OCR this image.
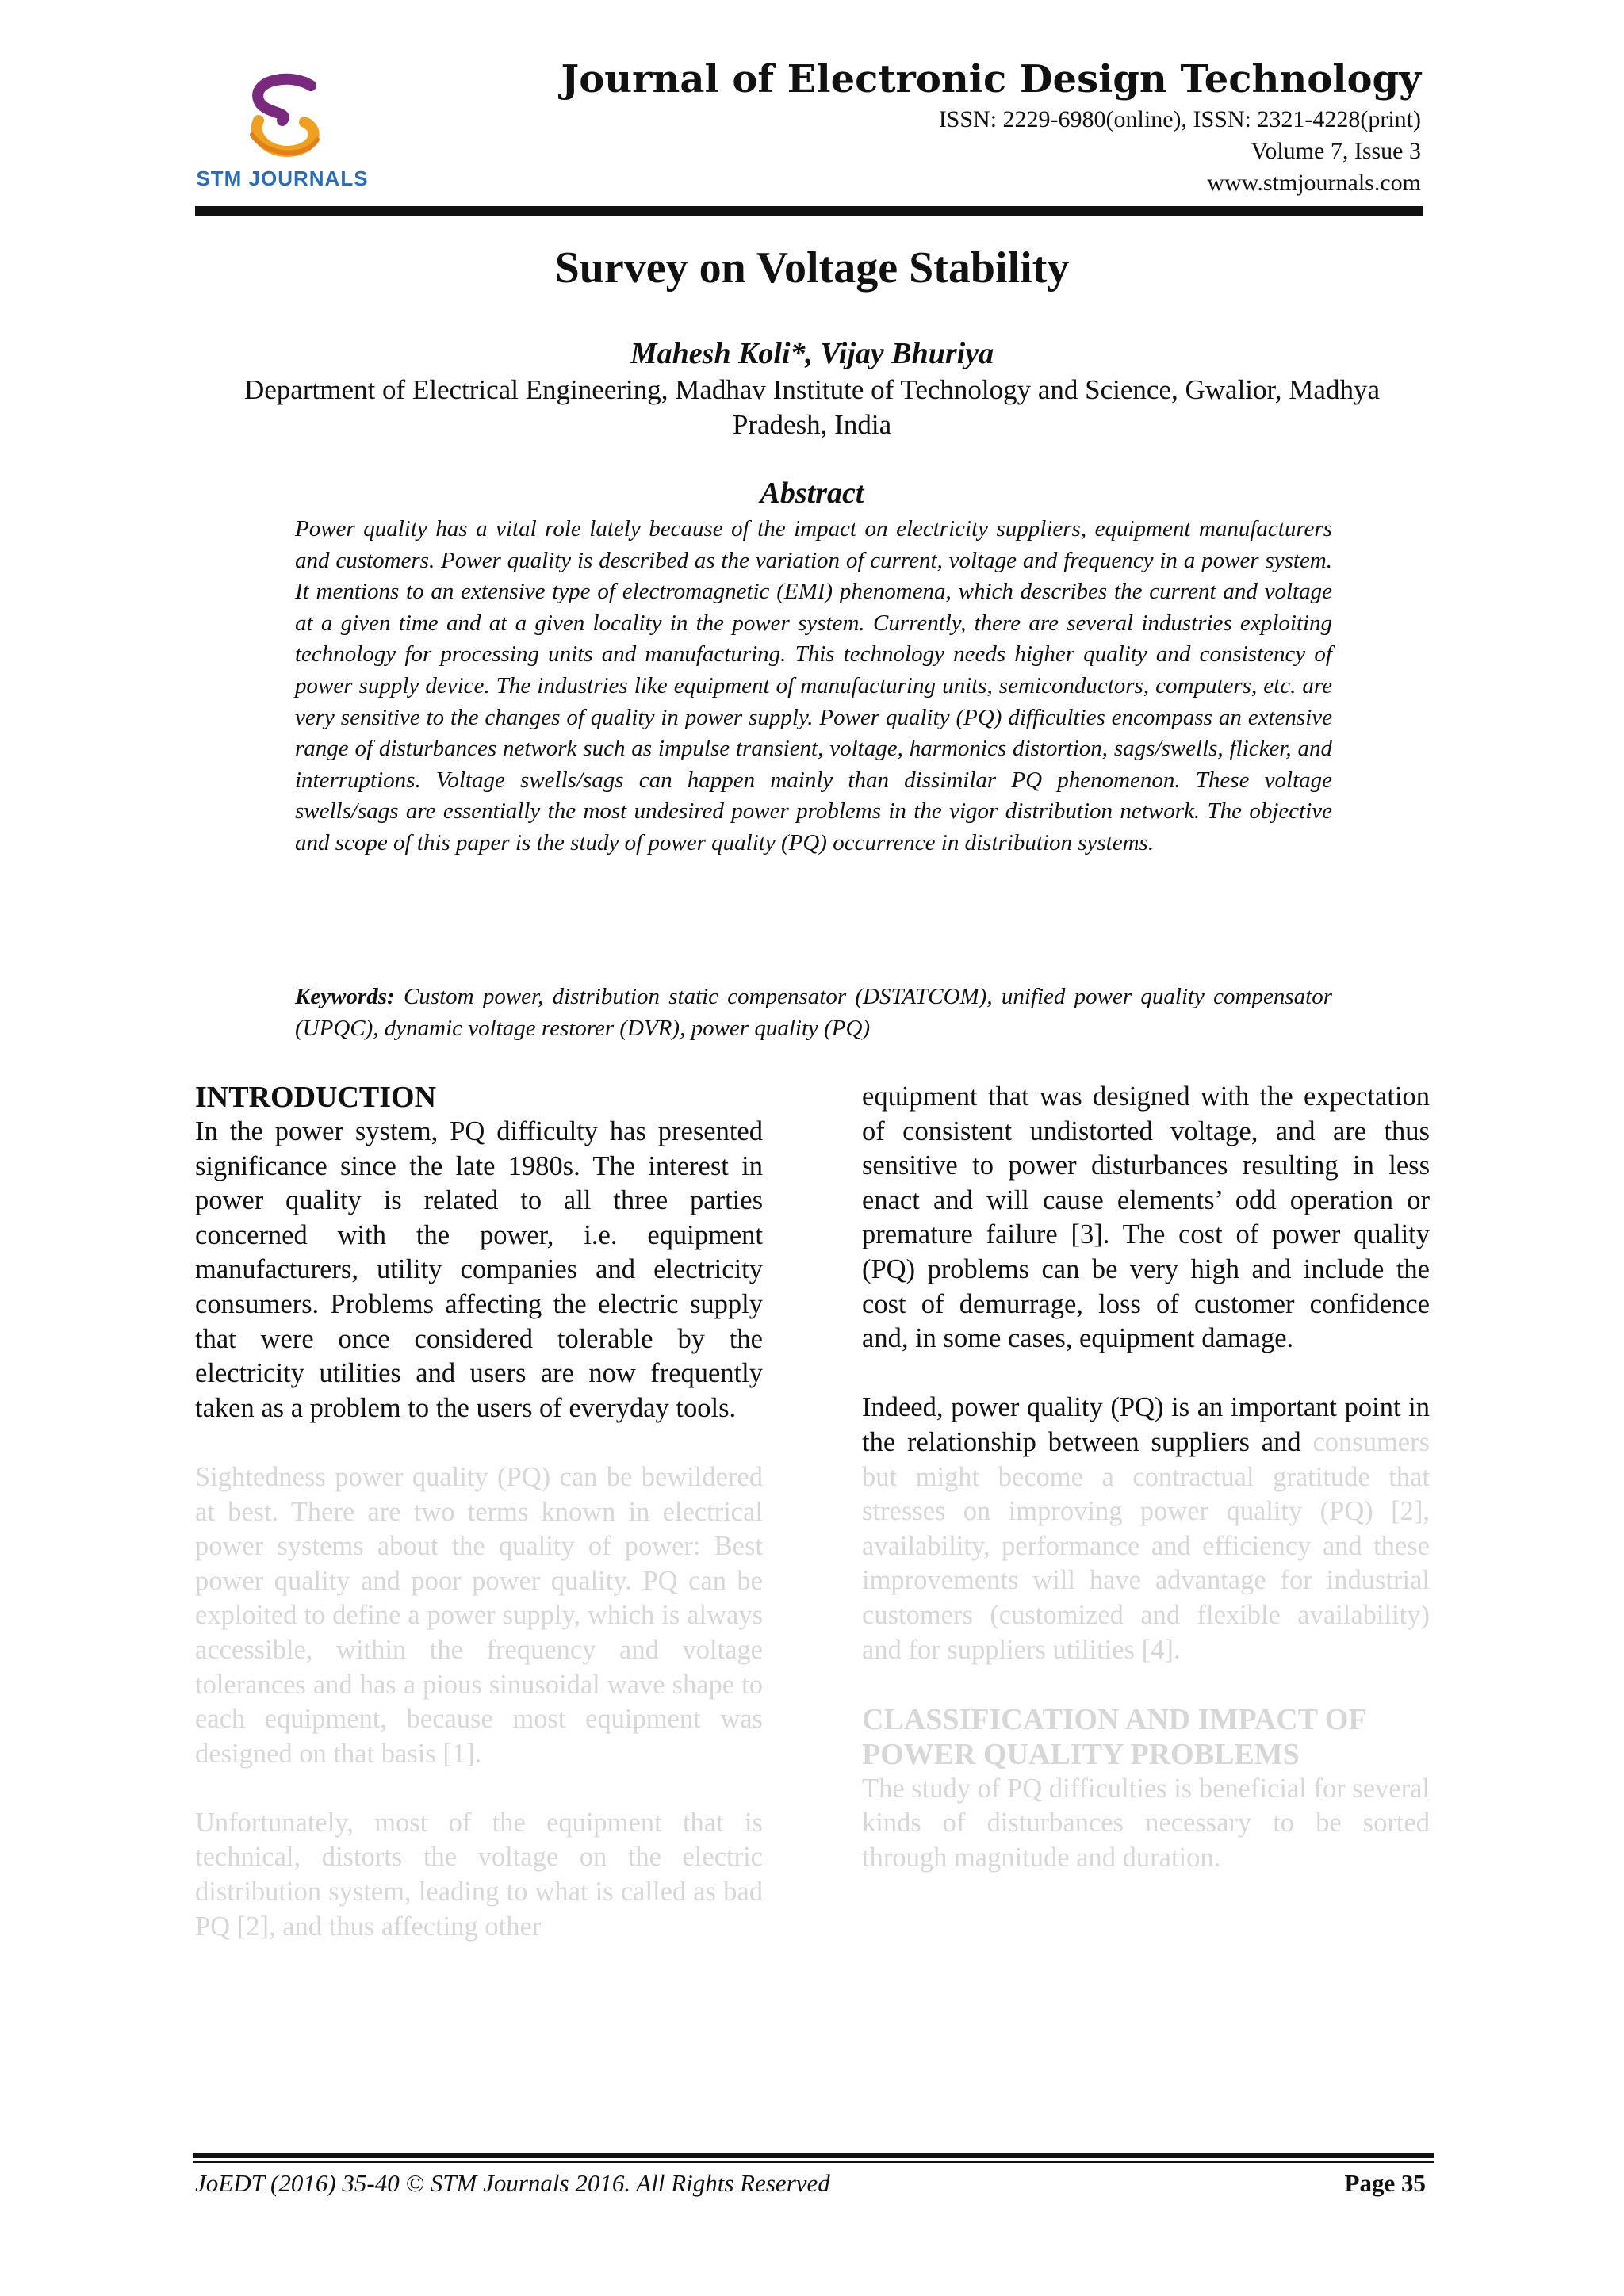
STM JOURNALS
Journal of Electronic Design Technology
ISSN: 2229-6980(online), ISSN: 2321-4228(print)
Volume 7, Issue 3
www.stmjournals.com
Survey on Voltage Stability
Mahesh Koli*, Vijay Bhuriya
Department of Electrical Engineering, Madhav Institute of Technology and Science, Gwalior, Madhya Pradesh, India
Abstract

Power quality has a vital role lately because of the impact on electricity suppliers, equipment manufacturers and customers. Power quality is described as the variation of current, voltage and frequency in a power system. It mentions to an extensive type of electromagnetic (EMI) phenomena, which describes the current and voltage at a given time and at a given locality in the power system. Currently, there are several industries exploiting technology for processing units and manufacturing. This technology needs higher quality and consistency of power supply device. The industries like equipment of manufacturing units, semiconductors, computers, etc. are very sensitive to the changes of quality in power supply. Power quality (PQ) difficulties encompass an extensive range of disturbances network such as impulse transient, voltage, harmonics distortion, sags/swells, flicker, and interruptions. Voltage swells/sags can happen mainly than dissimilar PQ phenomenon. These voltage swells/sags are essentially the most undesired power problems in the vigor distribution network. The objective and scope of this paper is the study of power quality (PQ) occurrence in distribution systems.

Keywords: Custom power, distribution static compensator (DSTATCOM), unified power quality compensator (UPQC), dynamic voltage restorer (DVR), power quality (PQ)

INTRODUCTION

In the power system, PQ difficulty has presented significance since the late 1980s. The interest in power quality is related to all three parties concerned with the power, i.e. equipment manufacturers, utility companies and electricity consumers. Problems affecting the electric supply that were once considered tolerable by the electricity utilities and users are now frequently taken as a problem to the users of everyday tools.

Sightedness power quality (PQ) can be bewildered at best. There are two terms known in electrical power systems about the quality of power: Best power quality and poor power quality. PQ can be exploited to define a power supply, which is always accessible, within the frequency and voltage tolerances and has a pious sinusoidal wave shape to each equipment, because most equipment was designed on that basis [1].

Unfortunately, most of the equipment that is technical, distorts the voltage on the electric distribution system, leading to what is called as bad PQ [2], and thus affecting other

equipment that was designed with the expectation of consistent undistorted voltage, and are thus sensitive to power disturbances resulting in less enact and will cause elements’ odd operation or premature failure [3]. The cost of power quality (PQ) problems can be very high and include the cost of demurrage, loss of customer confidence and, in some cases, equipment damage.

Indeed, power quality (PQ) is an important point in the relationship between suppliers and consumers but might become a contractual gratitude that stresses on improving power quality (PQ) [2], availability, performance and efficiency and these improvements will have advantage for industrial customers (customized and flexible availability) and for suppliers utilities [4].

CLASSIFICATION AND IMPACT OF POWER QUALITY PROBLEMS

The study of PQ difficulties is beneficial for several kinds of disturbances necessary to be sorted through magnitude and duration.

JoEDT (2016) 35-40 © STM Journals 2016. All Rights Reserved	Page 35
